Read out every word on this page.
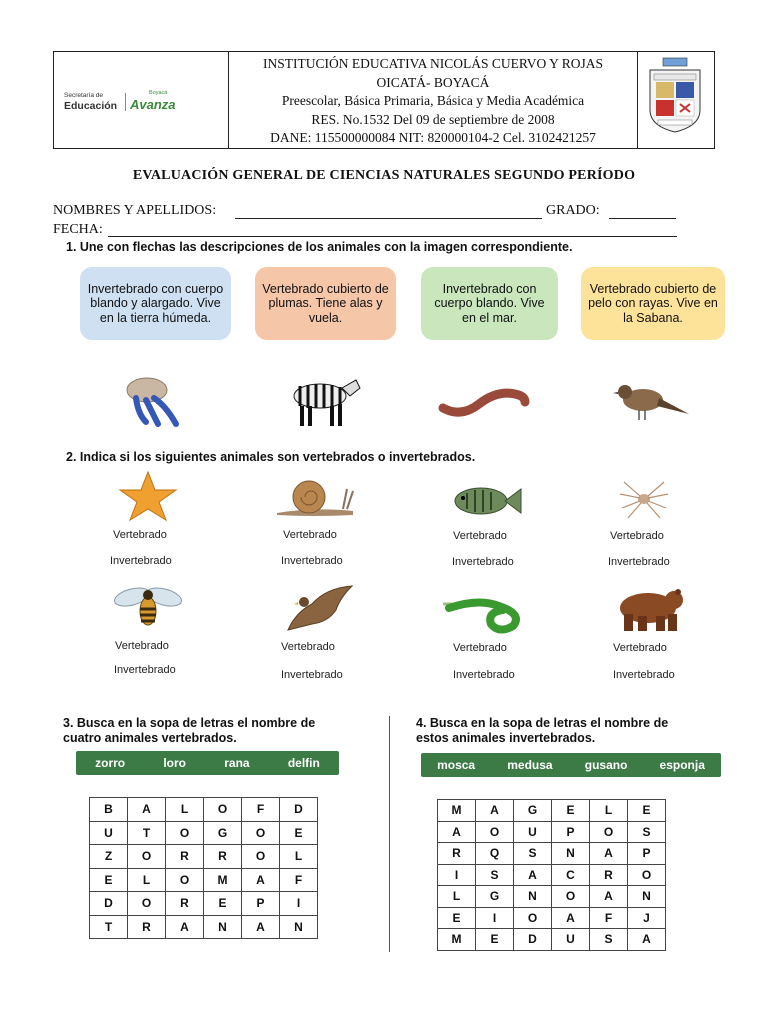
Secretaría de
Educación
Boyacá
Avanza
INSTITUCIÓN EDUCATIVA NICOLÁS CUERVO Y ROJAS
OICATÁ- BOYACÁ
Preescolar, Básica Primaria, Básica y Media Académica
RES. No.1532 Del 09 de septiembre de 2008
DANE: 115500000084 NIT: 820000104-2 Cel. 3102421257
EVALUACIÓN GENERAL DE CIENCIAS NATURALES SEGUNDO PERÍODO
NOMBRES Y APELLIDOS:	GRADO:
FECHA:
1. Une con flechas las descripciones de los animales con la imagen correspondiente.
Invertebrado con cuerpo blando y alargado. Vive en la tierra húmeda.
Vertebrado cubierto de plumas. Tiene alas y vuela.
Invertebrado con cuerpo blando. Vive en el mar.
Vertebrado cubierto de pelo con rayas. Vive en la Sabana.
2. Indica si los siguientes animales son vertebrados o invertebrados.
Vertebrado
Invertebrado
Vertebrado
Invertebrado
Vertebrado
Invertebrado
Vertebrado
Invertebrado
Vertebrado
Invertebrado
Vertebrado
Invertebrado
Vertebrado
Invertebrado
Vertebrado
Invertebrado
3. Busca en la sopa de letras el nombre de
cuatro animales vertebrados.
zorro	loro	rana	delfin
B	A	L	O	F	D
U	T	O	G	O	E
Z	O	R	R	O	L
E	L	O	M	A	F
D	O	R	E	P	I
T	R	A	N	A	N
4. Busca en la sopa de letras el nombre de
estos animales invertebrados.
mosca	medusa	gusano	esponja
M	A	G	E	L	E
A	O	U	P	O	S
R	Q	S	N	A	P
I	S	A	C	R	O
L	G	N	O	A	N
E	I	O	A	F	J
M	E	D	U	S	A
